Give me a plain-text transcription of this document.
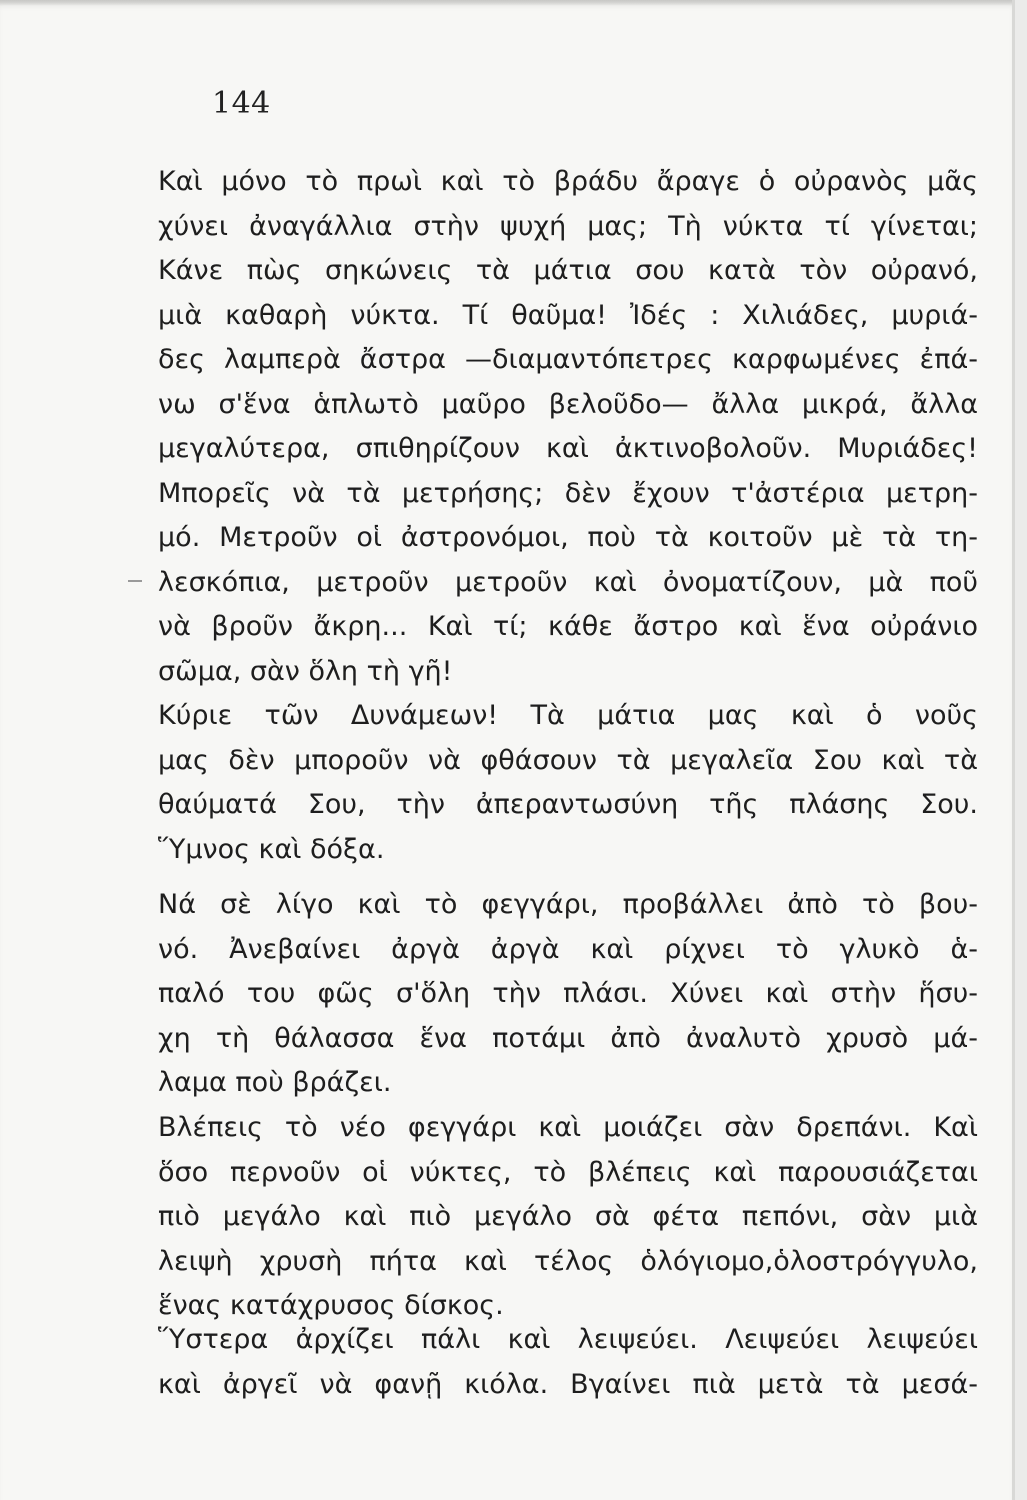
144
Καὶ μόνο τὸ πρωὶ καὶ τὸ βράδυ ἄραγε ὁ οὐρανὸς μᾶς
χύνει ἀναγάλλια στὴν ψυχή μας; Τὴ νύκτα τί γίνεται;
Κάνε πὼς σηκώνεις τὰ μάτια σου κατὰ τὸν οὐρανό,
μιὰ καθαρὴ νύκτα. Τί θαῦμα! Ἰδές : Χιλιάδες, μυριά-
δες λαμπερὰ ἄστρα —διαμαντόπετρες καρφωμένες ἐπά-
νω σ'ἕνα ἁπλωτὸ μαῦρο βελοῦδο— ἄλλα μικρά, ἄλλα
μεγαλύτερα, σπιθηρίζουν καὶ ἀκτινοβολοῦν. Μυριάδες!
Μπορεῖς νὰ τὰ μετρήσης; δὲν ἔχουν τ'ἀστέρια μετρη-
μό. Μετροῦν οἱ ἀστρονόμοι, ποὺ τὰ κοιτοῦν μὲ τὰ τη-
λεσκόπια, μετροῦν μετροῦν καὶ ὀνοματίζουν, μὰ ποῦ
νὰ βροῦν ἄκρη... Καὶ τί; κάθε ἄστρο καὶ ἕνα οὐράνιο
σῶμα, σὰν ὅλη τὴ γῆ!
Κύριε τῶν Δυνάμεων! Τὰ μάτια μας καὶ ὁ νοῦς
μας δὲν μποροῦν νὰ φθάσουν τὰ μεγαλεῖα Σου καὶ τὰ
θαύματά Σου, τὴν ἀπεραντωσύνη τῆς πλάσης Σου.
Ὕμνος καὶ δόξα.
Νά σὲ λίγο καὶ τὸ φεγγάρι, προβάλλει ἀπὸ τὸ βου-
νό. Ἀνεβαίνει ἀργὰ ἀργὰ καὶ ρίχνει τὸ γλυκὸ ἁ-
παλό του φῶς σ'ὅλη τὴν πλάσι. Χύνει καὶ στὴν ἥσυ-
χη τὴ θάλασσα ἕνα ποτάμι ἀπὸ ἀναλυτὸ χρυσὸ μά-
λαμα ποὺ βράζει.
Βλέπεις τὸ νέο φεγγάρι καὶ μοιάζει σὰν δρεπάνι. Καὶ
ὅσο περνοῦν οἱ νύκτες, τὸ βλέπεις καὶ παρουσιάζεται
πιὸ μεγάλο καὶ πιὸ μεγάλο σὰ φέτα πεπόνι, σὰν μιὰ
λειψὴ χρυσὴ πήτα καὶ τέλος ὁλόγιομο,ὁλοστρόγγυλο,
ἕνας κατάχρυσος δίσκος.
Ὕστερα ἀρχίζει πάλι καὶ λειψεύει. Λειψεύει λειψεύει
καὶ ἀργεῖ νὰ φανῇ κιόλα. Βγαίνει πιὰ μετὰ τὰ μεσά-
